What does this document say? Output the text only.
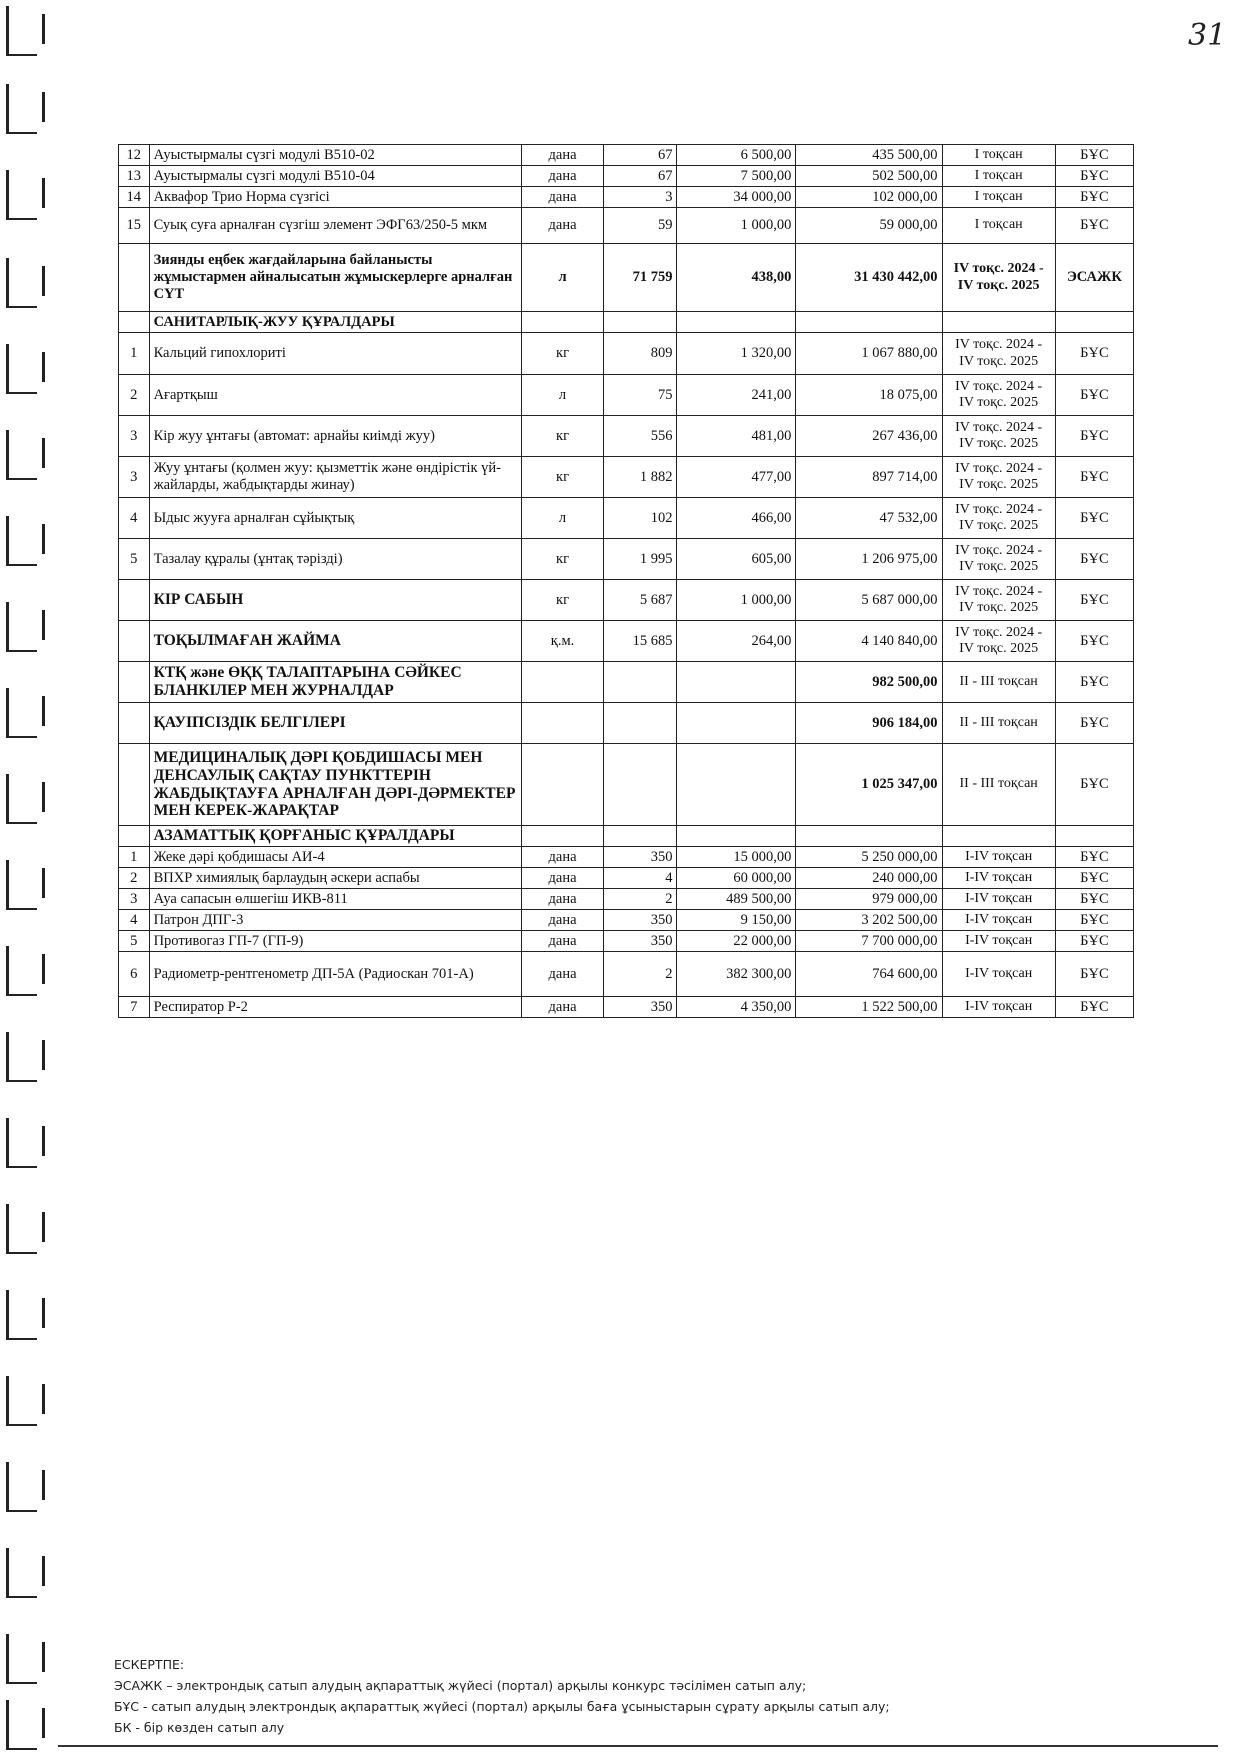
31
12	Ауыстырмалы сүзгі модулі В510-02	дана	67	6 500,00	435 500,00	I тоқсан	БҰС
13	Ауыстырмалы сүзгі модулі В510-04	дана	67	7 500,00	502 500,00	I тоқсан	БҰС
14	Аквафор Трио Норма сүзгісі	дана	3	34 000,00	102 000,00	I тоқсан	БҰС
15	Суық суға арналған сүзгіш элемент ЭФГ63/250-5 мкм	дана	59	1 000,00	59 000,00	I тоқсан	БҰС
	Зиянды еңбек жағдайларына байланысты жұмыстармен айналысатын жұмыскерлерге арналған СҮТ	л	71 759	438,00	31 430 442,00	IV тоқс. 2024 - IV тоқс. 2025	ЭСАЖК
	САНИТАРЛЫҚ-ЖУУ ҚҰРАЛДАРЫ						
1	Кальций гипохлориті	кг	809	1 320,00	1 067 880,00	IV тоқс. 2024 - IV тоқс. 2025	БҰС
2	Ағартқыш	л	75	241,00	18 075,00	IV тоқс. 2024 - IV тоқс. 2025	БҰС
3	Кір жуу ұнтағы (автомат: арнайы киімді жуу)	кг	556	481,00	267 436,00	IV тоқс. 2024 - IV тоқс. 2025	БҰС
3	Жуу ұнтағы (қолмен жуу: қызметтік және өндірістік үй-жайларды, жабдықтарды жинау)	кг	1 882	477,00	897 714,00	IV тоқс. 2024 - IV тоқс. 2025	БҰС
4	Ыдыс жууға арналған сұйықтық	л	102	466,00	47 532,00	IV тоқс. 2024 - IV тоқс. 2025	БҰС
5	Тазалау құралы (ұнтақ тәрізді)	кг	1 995	605,00	1 206 975,00	IV тоқс. 2024 - IV тоқс. 2025	БҰС
	КІР САБЫН	кг	5 687	1 000,00	5 687 000,00	IV тоқс. 2024 - IV тоқс. 2025	БҰС
	ТОҚЫЛМАҒАН ЖАЙМА	қ.м.	15 685	264,00	4 140 840,00	IV тоқс. 2024 - IV тоқс. 2025	БҰС
	КТҚ және ӨҚҚ ТАЛАПТАРЫНА СӘЙКЕС БЛАНКІЛЕР МЕН ЖУРНАЛДАР				982 500,00	II - III тоқсан	БҰС
	ҚАУІПСІЗДІК БЕЛГІЛЕРІ				906 184,00	II - III тоқсан	БҰС
	МЕДИЦИНАЛЫҚ ДӘРІ ҚОБДИШАСЫ МЕН ДЕНСАУЛЫҚ САҚТАУ ПУНКТТЕРІН ЖАБДЫҚТАУҒА АРНАЛҒАН ДӘРІ-ДӘРМЕКТЕР МЕН КЕРЕК-ЖАРАҚТАР				1 025 347,00	II - III тоқсан	БҰС
	АЗАМАТТЫҚ ҚОРҒАНЫС ҚҰРАЛДАРЫ						
1	Жеке дәрі қобдишасы АИ-4	дана	350	15 000,00	5 250 000,00	I-IV тоқсан	БҰС
2	ВПХР химиялық барлаудың әскери аспабы	дана	4	60 000,00	240 000,00	I-IV тоқсан	БҰС
3	Ауа сапасын өлшегіш ИКВ-811	дана	2	489 500,00	979 000,00	I-IV тоқсан	БҰС
4	Патрон ДПГ-3	дана	350	9 150,00	3 202 500,00	I-IV тоқсан	БҰС
5	Противогаз ГП-7 (ГП-9)	дана	350	22 000,00	7 700 000,00	I-IV тоқсан	БҰС
6	Радиометр-рентгенометр ДП-5А (Радиоскан 701-А)	дана	2	382 300,00	764 600,00	I-IV тоқсан	БҰС
7	Респиратор Р-2	дана	350	4 350,00	1 522 500,00	I-IV тоқсан	БҰС
ЕСКЕРТПЕ:
ЭСАЖК – электрондық сатып алудың ақпараттық жүйесі (портал) арқылы конкурс тәсілімен сатып алу;
БҰС - сатып алудың электрондық ақпараттық жүйесі (портал) арқылы баға ұсыныстарын сұрату арқылы сатып алу;
БК - бір көзден сатып алу
